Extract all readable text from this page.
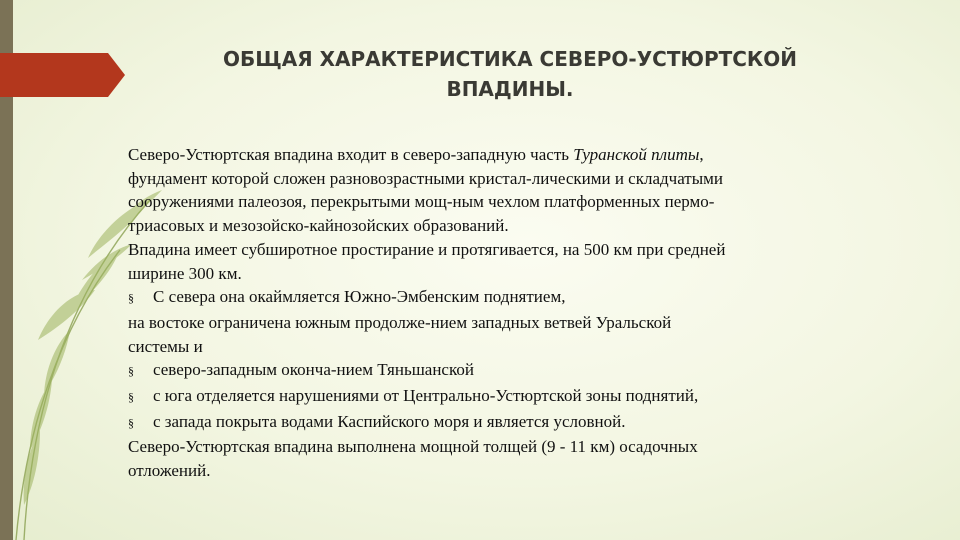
ОБЩАЯ ХАРАКТЕРИСТИКА СЕВЕРО-УСТЮРТСКОЙ
ВПАДИНЫ.
Северо-Устюртская впадина входит в северо-западную часть Туранской плиты,
фундамент которой сложен разновозрастными кристал-лическими и складчатыми
сооружениями палеозоя, перекрытыми мощ-ным чехлом платформенных пермо-
триасовых и мезозойско-кайнозойских образований.
Впадина имеет субширотное простирание и протягивается, на 500 км при средней
ширине 300 км.
§ С севера она окаймляется Южно-Эмбенским поднятием,
на востоке ограничена южным продолже-нием западных ветвей Уральской
системы и
§ северо-западным оконча-нием Тяньшанской
§ с юга отделяется нарушениями от Центрально-Устюртской зоны поднятий,
§ с запада покрыта водами Каспийского моря и является условной.
Северо-Устюртская впадина выполнена мощной толщей (9 - 11 км) осадочных
отложений.
